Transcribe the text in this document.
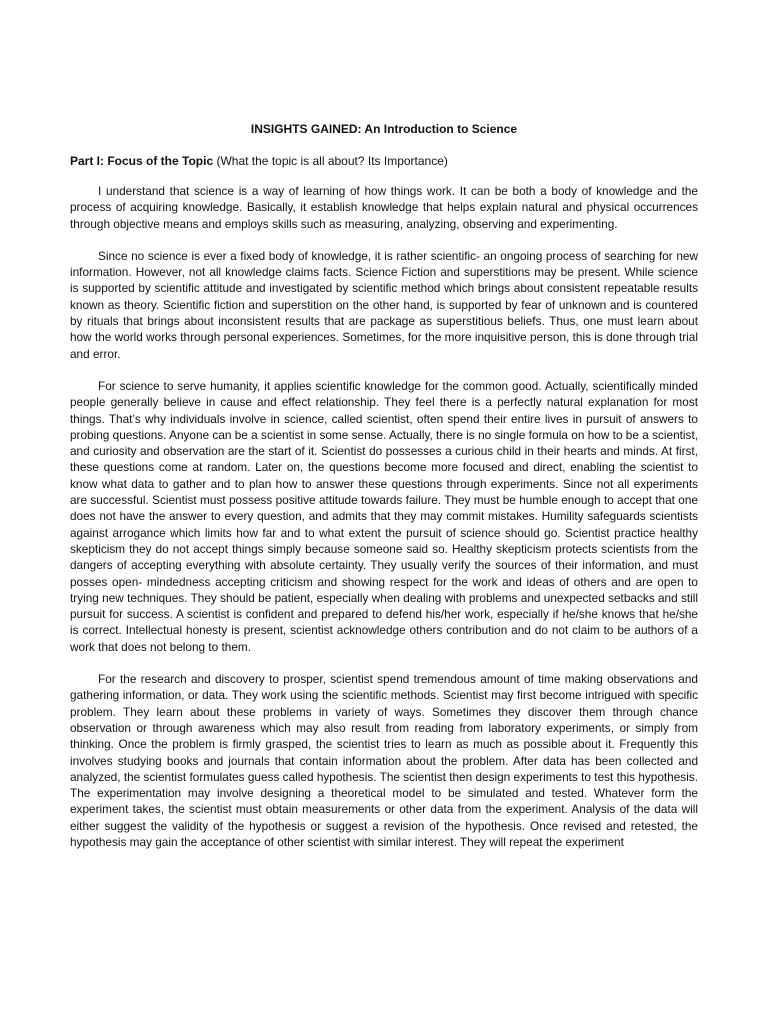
INSIGHTS GAINED: An Introduction to Science
Part I: Focus of the Topic (What the topic is all about? Its Importance)

I understand that science is a way of learning of how things work. It can be both a body of knowledge and the process of acquiring knowledge. Basically, it establish knowledge that helps explain natural and physical occurrences through objective means and employs skills such as measuring, analyzing, observing and experimenting.

Since no science is ever a fixed body of knowledge, it is rather scientific- an ongoing process of searching for new information. However, not all knowledge claims facts. Science Fiction and superstitions may be present. While science is supported by scientific attitude and investigated by scientific method which brings about consistent repeatable results known as theory. Scientific fiction and superstition on the other hand, is supported by fear of unknown and is countered by rituals that brings about inconsistent results that are package as superstitious beliefs. Thus, one must learn about how the world works through personal experiences. Sometimes, for the more inquisitive person, this is done through trial and error.

For science to serve humanity, it applies scientific knowledge for the common good. Actually, scientifically minded people generally believe in cause and effect relationship. They feel there is a perfectly natural explanation for most things. That’s why individuals involve in science, called scientist, often spend their entire lives in pursuit of answers to probing questions. Anyone can be a scientist in some sense. Actually, there is no single formula on how to be a scientist, and curiosity and observation are the start of it. Scientist do possesses a curious child in their hearts and minds. At first, these questions come at random. Later on, the questions become more focused and direct, enabling the scientist to know what data to gather and to plan how to answer these questions through experiments. Since not all experiments are successful. Scientist must possess positive attitude towards failure. They must be humble enough to accept that one does not have the answer to every question, and admits that they may commit mistakes. Humility safeguards scientists against arrogance which limits how far and to what extent the pursuit of science should go. Scientist practice healthy skepticism they do not accept things simply because someone said so. Healthy skepticism protects scientists from the dangers of accepting everything with absolute certainty. They usually verify the sources of their information, and must posses open- mindedness accepting criticism and showing respect for the work and ideas of others and are open to trying new techniques. They should be patient, especially when dealing with problems and unexpected setbacks and still pursuit for success. A scientist is confident and prepared to defend his/her work, especially if he/she knows that he/she is correct. Intellectual honesty is present, scientist acknowledge others contribution and do not claim to be authors of a work that does not belong to them.

For the research and discovery to prosper, scientist spend tremendous amount of time making observations and gathering information, or data. They work using the scientific methods. Scientist may first become intrigued with specific problem. They learn about these problems in variety of ways. Sometimes they discover them through chance observation or through awareness which may also result from reading from laboratory experiments, or simply from thinking. Once the problem is firmly grasped, the scientist tries to learn as much as possible about it. Frequently this involves studying books and journals that contain information about the problem. After data has been collected and analyzed, the scientist formulates guess called hypothesis. The scientist then design experiments to test this hypothesis. The experimentation may involve designing a theoretical model to be simulated and tested. Whatever form the experiment takes, the scientist must obtain measurements or other data from the experiment. Analysis of the data will either suggest the validity of the hypothesis or suggest a revision of the hypothesis. Once revised and retested, the hypothesis may gain the acceptance of other scientist with similar interest. They will repeat the experiment
